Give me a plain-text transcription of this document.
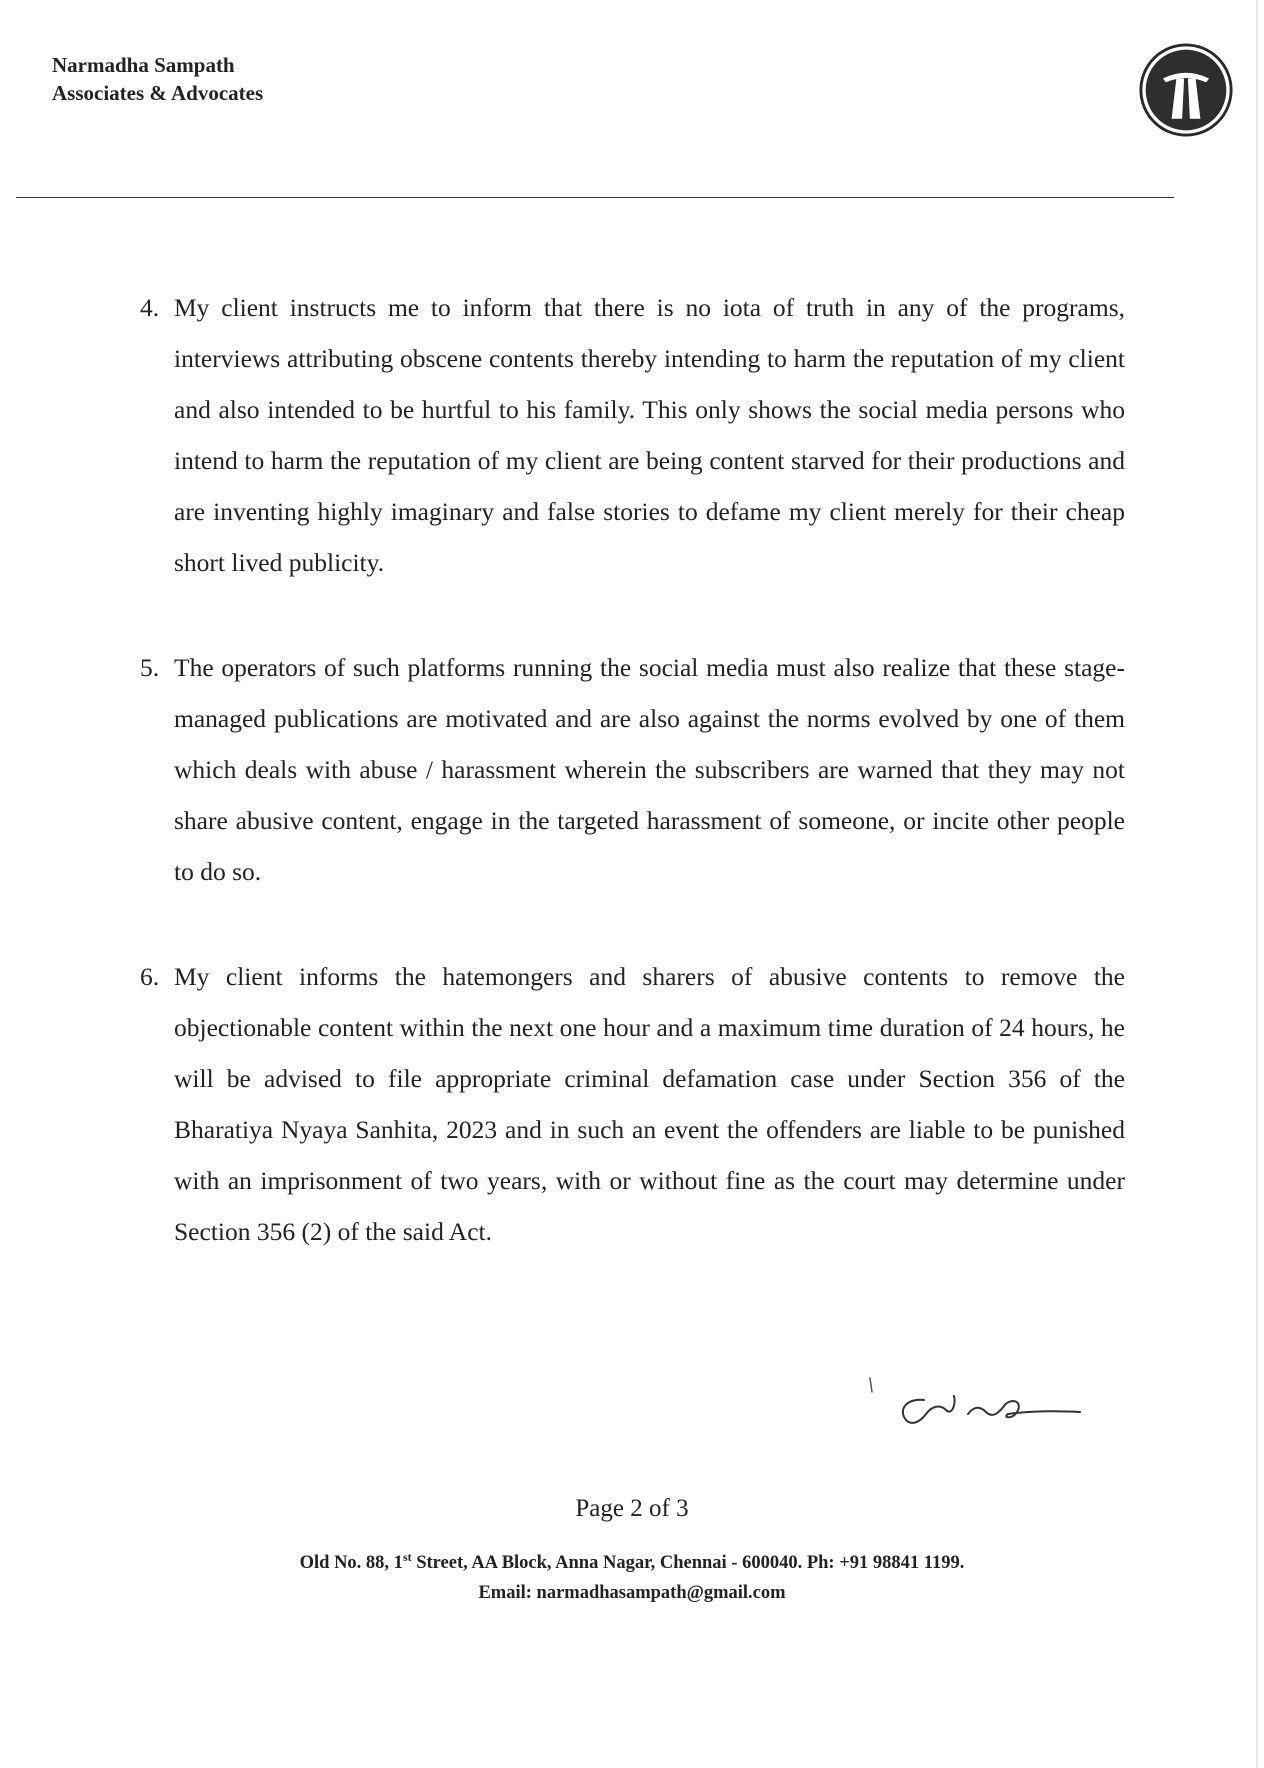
Narmadha Sampath
Associates & Advocates
4. My client instructs me to inform that there is no iota of truth in any of the programs, interviews attributing obscene contents thereby intending to harm the reputation of my client and also intended to be hurtful to his family. This only shows the social media persons who intend to harm the reputation of my client are being content starved for their productions and are inventing highly imaginary and false stories to defame my client merely for their cheap short lived publicity.
5. The operators of such platforms running the social media must also realize that these stage-managed publications are motivated and are also against the norms evolved by one of them which deals with abuse / harassment wherein the subscribers are warned that they may not share abusive content, engage in the targeted harassment of someone, or incite other people to do so.
6. My client informs the hatemongers and sharers of abusive contents to remove the objectionable content within the next one hour and a maximum time duration of 24 hours, he will be advised to file appropriate criminal defamation case under Section 356 of the Bharatiya Nyaya Sanhita, 2023 and in such an event the offenders are liable to be punished with an imprisonment of two years, with or without fine as the court may determine under Section 356 (2) of the said Act.
Page 2 of 3
Old No. 88, 1st Street, AA Block, Anna Nagar, Chennai - 600040. Ph: +91 98841 1199.
Email: narmadhasampath@gmail.com
